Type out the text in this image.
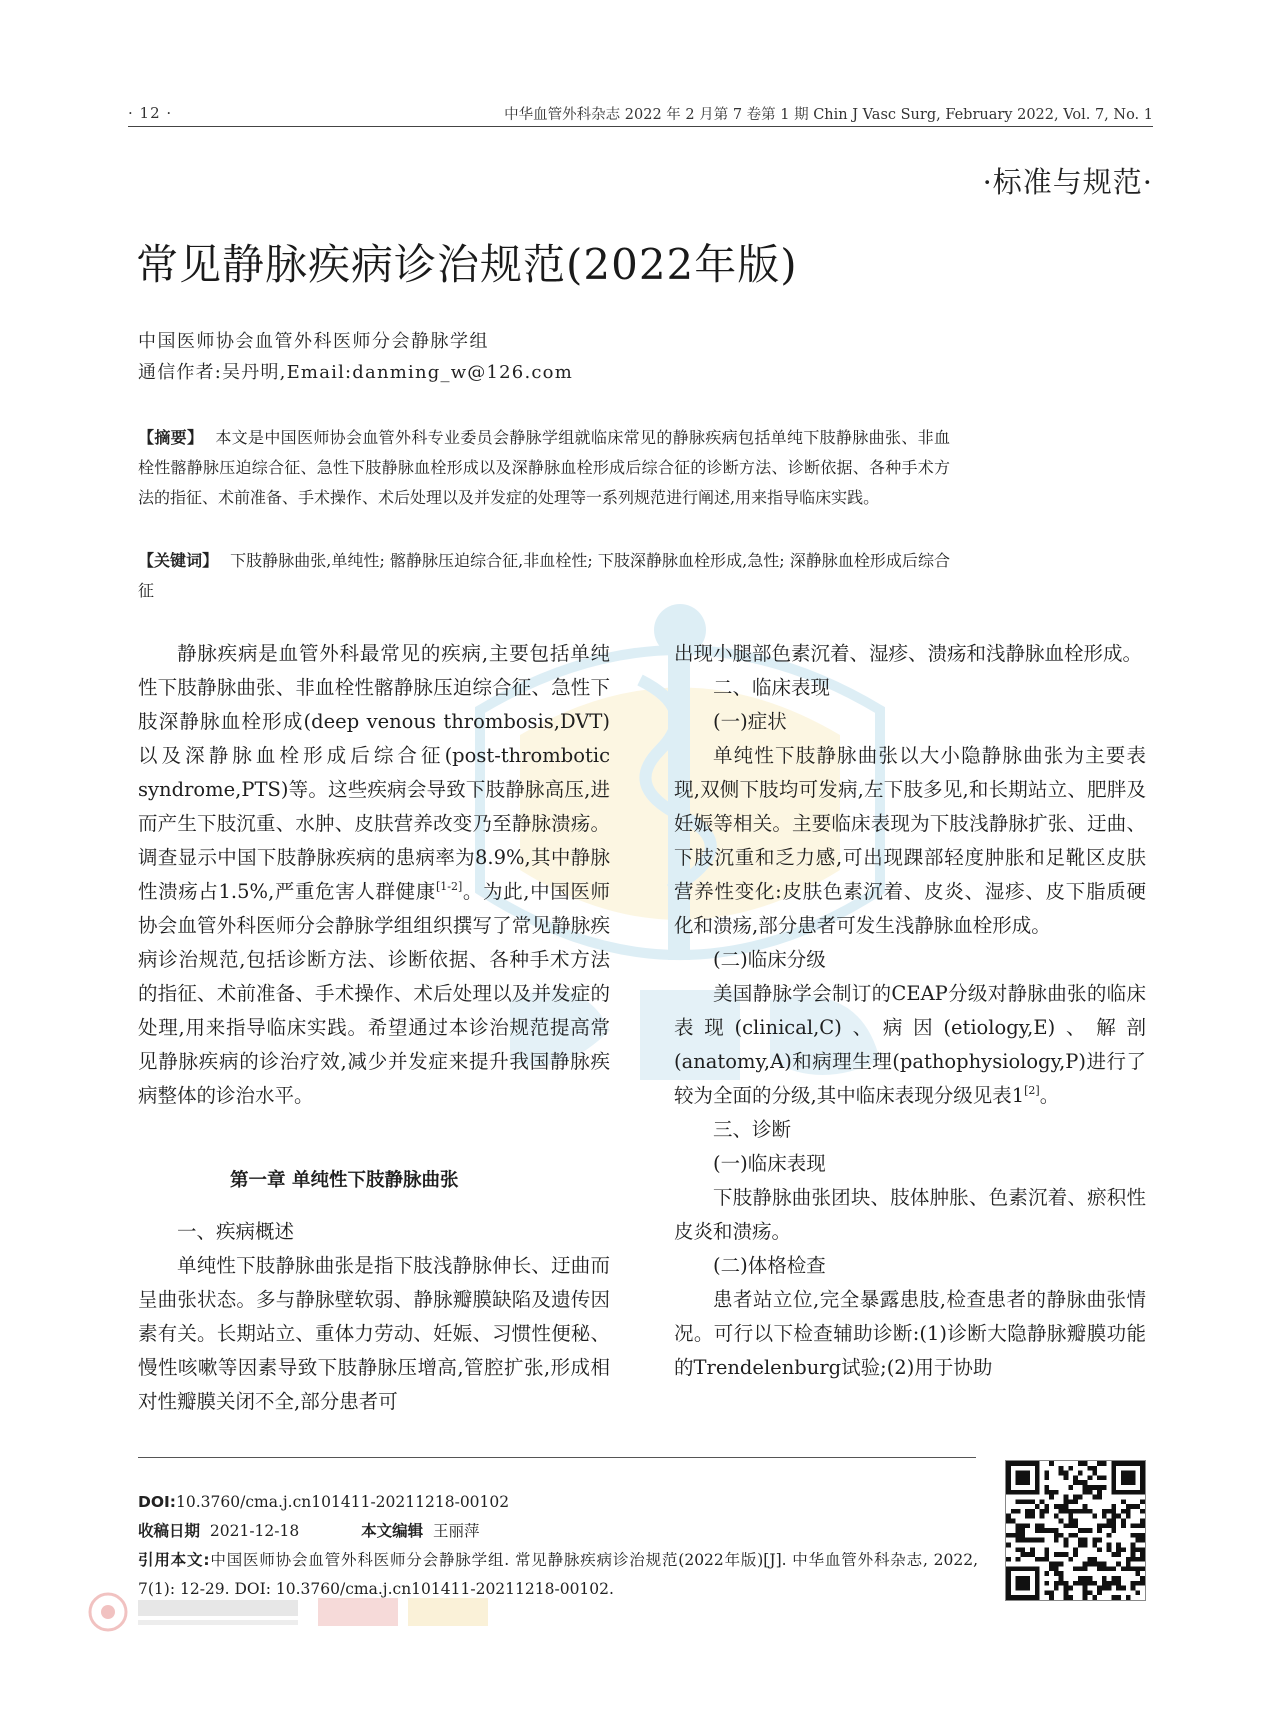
· 12 ·	中华血管外科杂志 2022 年 2 月第 7 卷第 1 期 Chin J Vasc Surg, February 2022, Vol. 7, No. 1
·标准与规范·
常见静脉疾病诊治规范(2022年版)
中国医师协会血管外科医师分会静脉学组
通信作者:吴丹明,Email:danming_w@126.com
【摘要】 本文是中国医师协会血管外科专业委员会静脉学组就临床常见的静脉疾病包括单纯下肢静脉曲张、非血栓性髂静脉压迫综合征、急性下肢静脉血栓形成以及深静脉血栓形成后综合征的诊断方法、诊断依据、各种手术方法的指征、术前准备、手术操作、术后处理以及并发症的处理等一系列规范进行阐述,用来指导临床实践。
【关键词】 下肢静脉曲张,单纯性; 髂静脉压迫综合征,非血栓性; 下肢深静脉血栓形成,急性; 深静脉血栓形成后综合征

静脉疾病是血管外科最常见的疾病,主要包括单纯性下肢静脉曲张、非血栓性髂静脉压迫综合征、急性下肢深静脉血栓形成(deep venous thrombosis,DVT)以及深静脉血栓形成后综合征(post-thrombotic syndrome,PTS)等。这些疾病会导致下肢静脉高压,进而产生下肢沉重、水肿、皮肤营养改变乃至静脉溃疡。调查显示中国下肢静脉疾病的患病率为8.9%,其中静脉性溃疡占1.5%,严重危害人群健康[1-2]。为此,中国医师协会血管外科医师分会静脉学组组织撰写了常见静脉疾病诊治规范,包括诊断方法、诊断依据、各种手术方法的指征、术前准备、手术操作、术后处理以及并发症的处理,用来指导临床实践。希望通过本诊治规范提高常见静脉疾病的诊治疗效,减少并发症来提升我国静脉疾病整体的诊治水平。

第一章 单纯性下肢静脉曲张

一、疾病概述

单纯性下肢静脉曲张是指下肢浅静脉伸长、迂曲而呈曲张状态。多与静脉壁软弱、静脉瓣膜缺陷及遗传因素有关。长期站立、重体力劳动、妊娠、习惯性便秘、慢性咳嗽等因素导致下肢静脉压增高,管腔扩张,形成相对性瓣膜关闭不全,部分患者可

出现小腿部色素沉着、湿疹、溃疡和浅静脉血栓形成。

二、临床表现

(一)症状

单纯性下肢静脉曲张以大小隐静脉曲张为主要表现,双侧下肢均可发病,左下肢多见,和长期站立、肥胖及妊娠等相关。主要临床表现为下肢浅静脉扩张、迂曲、下肢沉重和乏力感,可出现踝部轻度肿胀和足靴区皮肤营养性变化:皮肤色素沉着、皮炎、湿疹、皮下脂质硬化和溃疡,部分患者可发生浅静脉血栓形成。

(二)临床分级

美国静脉学会制订的CEAP分级对静脉曲张的临床表现(clinical,C)、病因(etiology,E)、解剖(anatomy,A)和病理生理(pathophysiology,P)进行了较为全面的分级,其中临床表现分级见表1[2]。

三、诊断

(一)临床表现

下肢静脉曲张团块、肢体肿胀、色素沉着、瘀积性皮炎和溃疡。

(二)体格检查

患者站立位,完全暴露患肢,检查患者的静脉曲张情况。可行以下检查辅助诊断:(1)诊断大隐静脉瓣膜功能的Trendelenburg试验;(2)用于协助

DOI:10.3760/cma.j.cn101411-20211218-00102
收稿日期 2021-12-18	本文编辑 王丽萍
引用本文:中国医师协会血管外科医师分会静脉学组. 常见静脉疾病诊治规范(2022年版)[J]. 中华血管外科杂志, 2022, 7(1): 12-29. DOI: 10.3760/cma.j.cn101411-20211218-00102.
